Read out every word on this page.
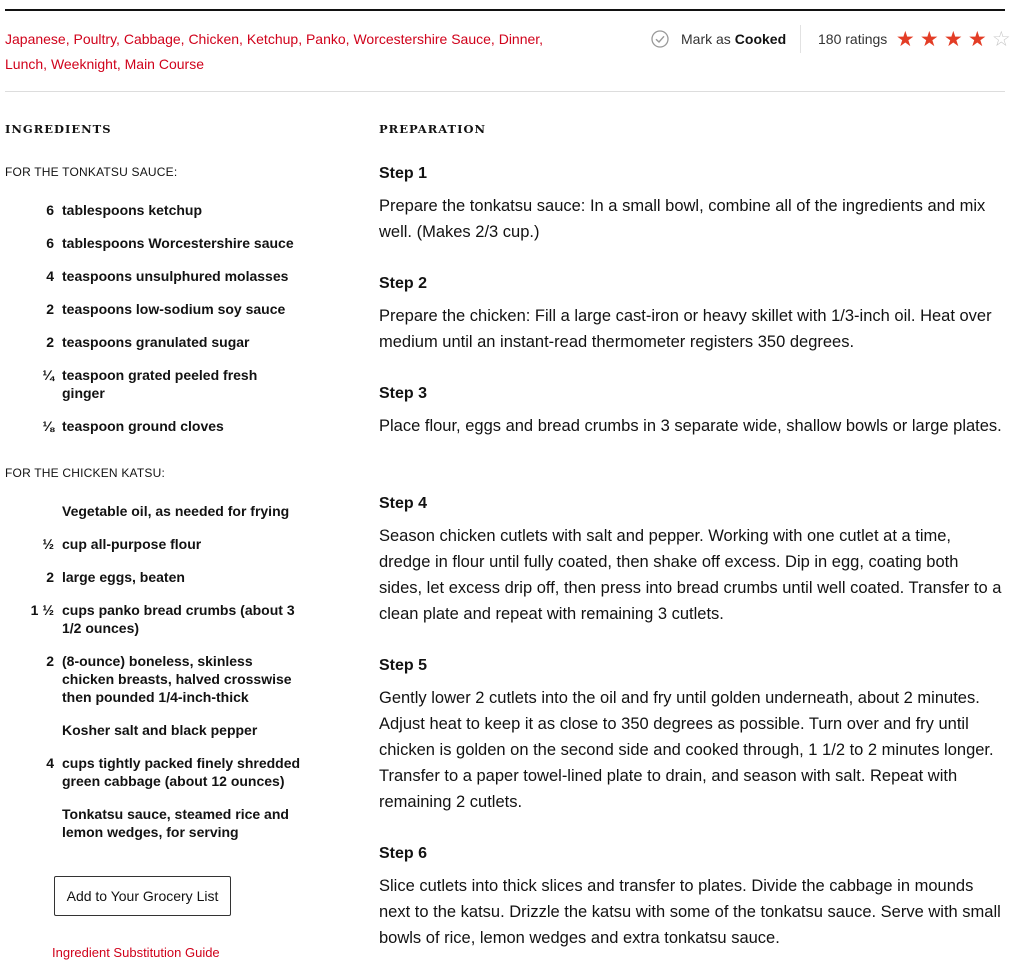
Japanese, Poultry, Cabbage, Chicken, Ketchup, Panko, Worcestershire Sauce, Dinner,
Lunch, Weeknight, Main Course
Mark as Cooked 180 ratings ★ ★ ★ ★ ☆
INGREDIENTS
FOR THE TONKATSU SAUCE:
6 tablespoons ketchup
6 tablespoons Worcestershire sauce
4 teaspoons unsulphured molasses
2 teaspoons low-sodium soy sauce
2 teaspoons granulated sugar
¼ teaspoon grated peeled fresh ginger
⅛ teaspoon ground cloves
FOR THE CHICKEN KATSU:
Vegetable oil, as needed for frying
½ cup all-purpose flour
2 large eggs, beaten
1 ½ cups panko bread crumbs (about 3 1/2 ounces)
2 (8-ounce) boneless, skinless chicken breasts, halved crosswise then pounded 1/4-inch-thick
Kosher salt and black pepper
4 cups tightly packed finely shredded green cabbage (about 12 ounces)
Tonkatsu sauce, steamed rice and lemon wedges, for serving
Add to Your Grocery List
Ingredient Substitution Guide
PREPARATION
Step 1
Prepare the tonkatsu sauce: In a small bowl, combine all of the ingredients and mix well. (Makes 2/3 cup.)
Step 2
Prepare the chicken: Fill a large cast-iron or heavy skillet with 1/3-inch oil. Heat over medium until an instant-read thermometer registers 350 degrees.
Step 3
Place flour, eggs and bread crumbs in 3 separate wide, shallow bowls or large plates.
Step 4
Season chicken cutlets with salt and pepper. Working with one cutlet at a time, dredge in flour until fully coated, then shake off excess. Dip in egg, coating both sides, let excess drip off, then press into bread crumbs until well coated. Transfer to a clean plate and repeat with remaining 3 cutlets.
Step 5
Gently lower 2 cutlets into the oil and fry until golden underneath, about 2 minutes. Adjust heat to keep it as close to 350 degrees as possible. Turn over and fry until chicken is golden on the second side and cooked through, 1 1/2 to 2 minutes longer. Transfer to a paper towel-lined plate to drain, and season with salt. Repeat with remaining 2 cutlets.
Step 6
Slice cutlets into thick slices and transfer to plates. Divide the cabbage in mounds next to the katsu. Drizzle the katsu with some of the tonkatsu sauce. Serve with small bowls of rice, lemon wedges and extra tonkatsu sauce.
